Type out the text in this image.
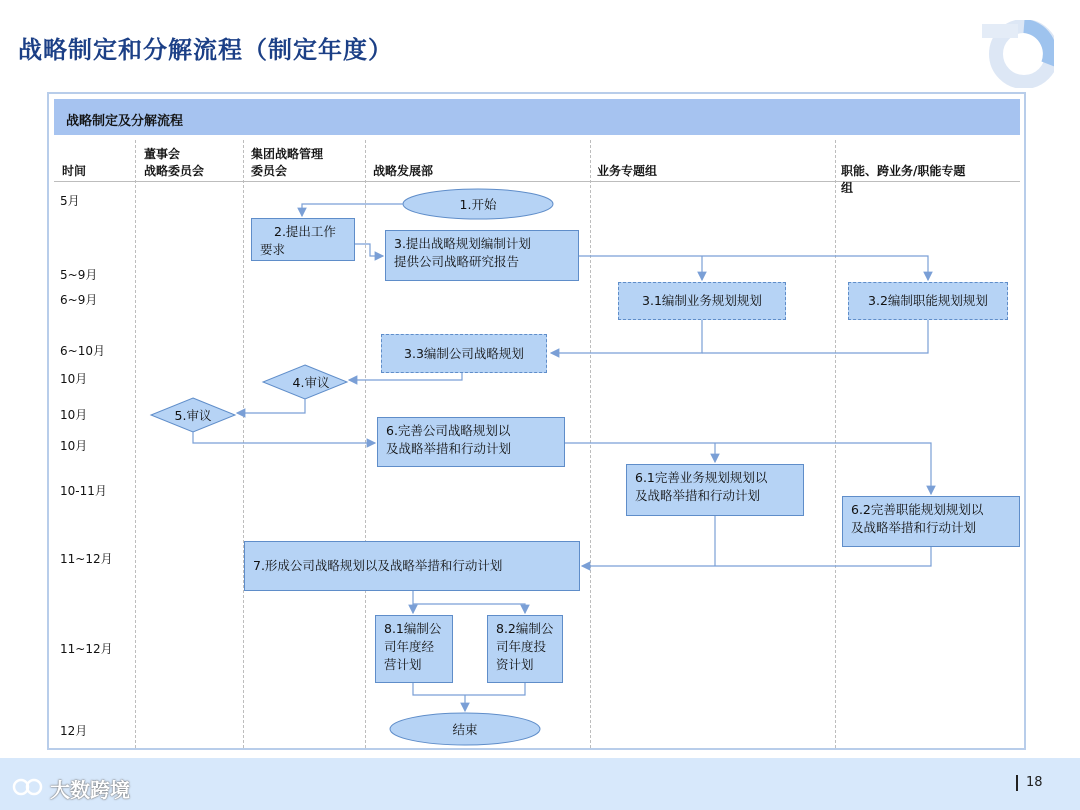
战略制定和分解流程（制定年度）
战略制定及分解流程
时间
董事会
战略委员会
集团战略管理
委员会	战略发展部	业务专题组	职能、跨业务/职能专题
组
5月
5~9月
6~9月
6~10月
10月
10月
10月
10-11月
11~12月
11~12月
12月
1.开始
2.提出工作
要求	3.提出战略规划编制计划
提供公司战略研究报告
3.1编制业务规划规划	3.2编制职能规划规划
3.3编制公司战略规划
4.审议
5.审议
6.完善公司战略规划以
及战略举措和行动计划
6.1完善业务规划规划以
及战略举措和行动计划
6.2完善职能规划规划以
及战略举措和行动计划
7.形成公司战略规划以及战略举措和行动计划
8.1编制公
司年度经
营计划
8.2编制公
司年度投
资计划
结束
大数跨境	18
